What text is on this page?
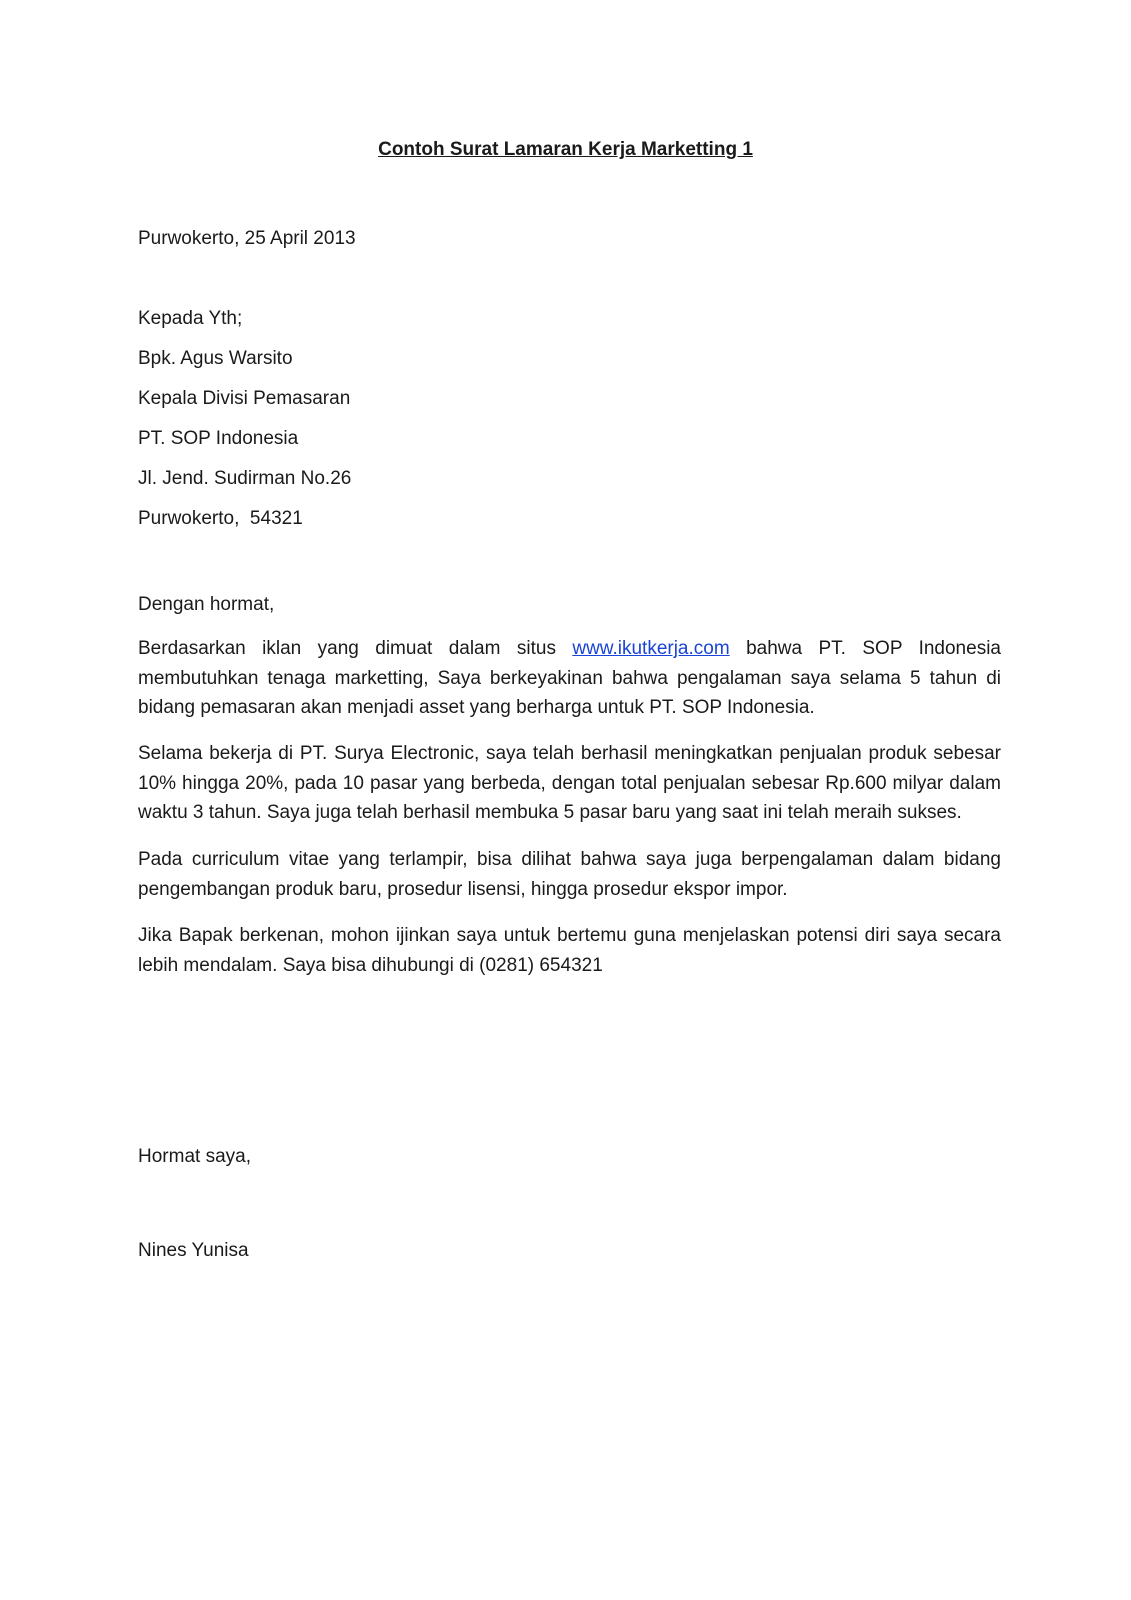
Contoh Surat Lamaran Kerja Marketting 1
Purwokerto, 25 April 2013
Kepada Yth;
Bpk. Agus Warsito
Kepala Divisi Pemasaran
PT. SOP Indonesia
Jl. Jend. Sudirman No.26
Purwokerto,  54321
Dengan hormat,
Berdasarkan iklan yang dimuat dalam situs www.ikutkerja.com bahwa PT. SOP Indonesia membutuhkan tenaga marketting, Saya berkeyakinan bahwa pengalaman saya selama 5 tahun di bidang pemasaran akan menjadi asset yang berharga untuk PT. SOP Indonesia.
Selama bekerja di PT. Surya Electronic, saya telah berhasil meningkatkan penjualan produk sebesar 10% hingga 20%, pada 10 pasar yang berbeda, dengan total penjualan sebesar Rp.600 milyar dalam waktu 3 tahun. Saya juga telah berhasil membuka 5 pasar baru yang saat ini telah meraih sukses.
Pada curriculum vitae yang terlampir, bisa dilihat bahwa saya juga berpengalaman dalam bidang pengembangan produk baru, prosedur lisensi, hingga prosedur ekspor impor.
Jika Bapak berkenan, mohon ijinkan saya untuk bertemu guna menjelaskan potensi diri saya secara lebih mendalam. Saya bisa dihubungi di (0281) 654321
Hormat saya,
Nines Yunisa
